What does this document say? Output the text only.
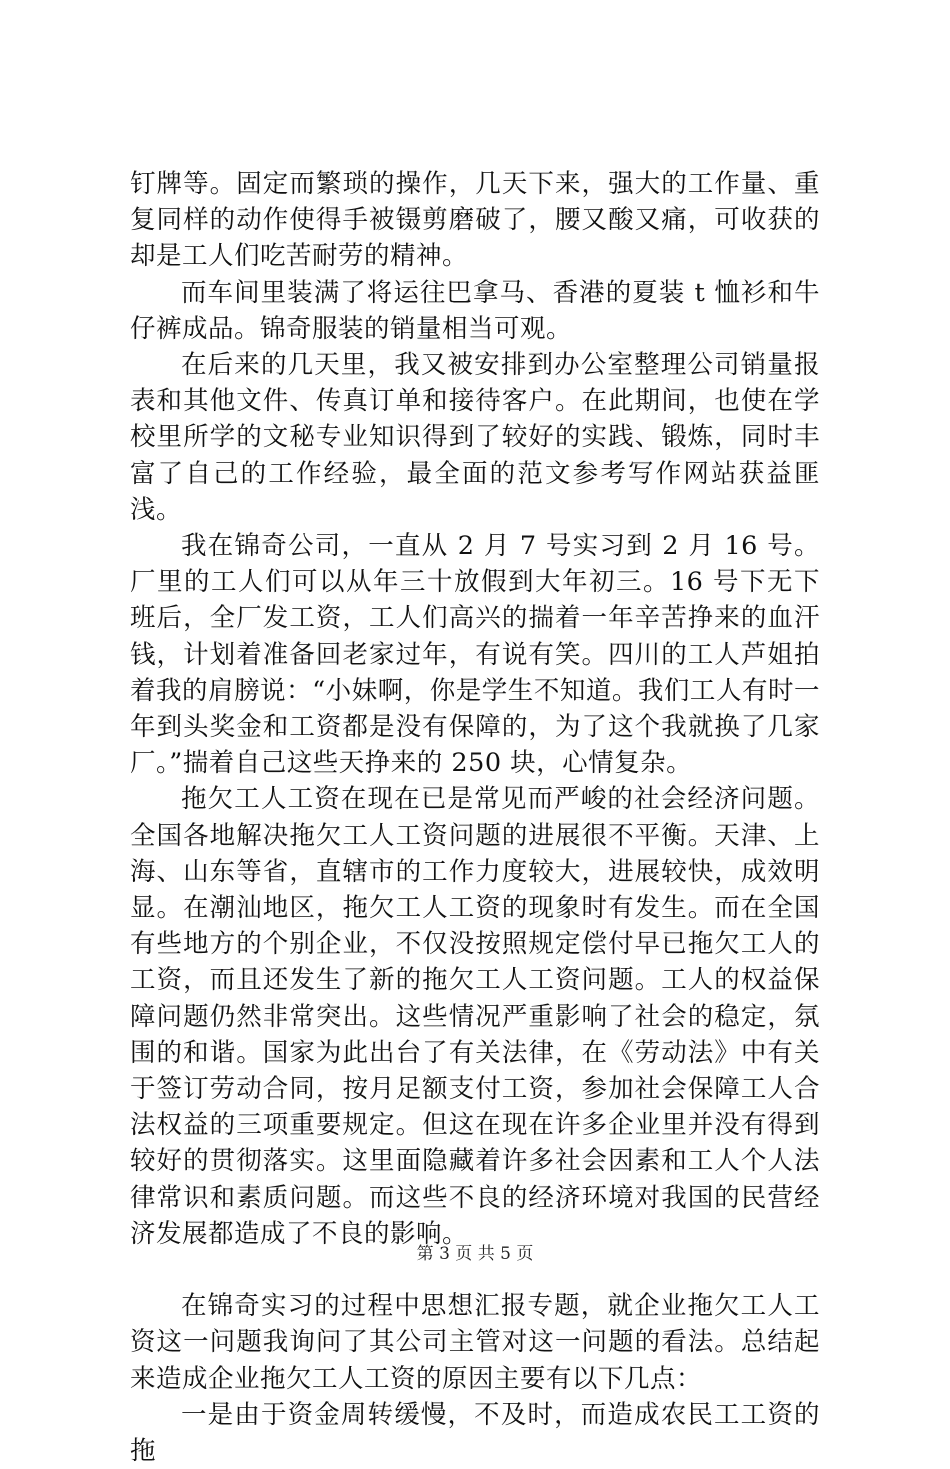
钉牌等。固定而繁琐的操作，几天下来，强大的工作量、重复同样的动作使得手被镊剪磨破了，腰又酸又痛，可收获的却是工人们吃苦耐劳的精神。

而车间里装满了将运往巴拿马、香港的夏装 t 恤衫和牛仔裤成品。锦奇服装的销量相当可观。

在后来的几天里，我又被安排到办公室整理公司销量报表和其他文件、传真订单和接待客户。在此期间，也使在学校里所学的文秘专业知识得到了较好的实践、锻炼，同时丰富了自己的工作经验，最全面的范文参考写作网站获益匪浅。

我在锦奇公司，一直从 2 月 7 号实习到 2 月 16 号。厂里的工人们可以从年三十放假到大年初三。16 号下无下班后，全厂发工资，工人们高兴的揣着一年辛苦挣来的血汗钱，计划着准备回老家过年，有说有笑。四川的工人芦姐拍着我的肩膀说：“小妹啊，你是学生不知道。我们工人有时一年到头奖金和工资都是没有保障的，为了这个我就换了几家厂。”揣着自己这些天挣来的 250 块，心情复杂。

拖欠工人工资在现在已是常见而严峻的社会经济问题。全国各地解决拖欠工人工资问题的进展很不平衡。天津、上海、山东等省，直辖市的工作力度较大，进展较快，成效明显。在潮汕地区，拖欠工人工资的现象时有发生。而在全国有些地方的个别企业，不仅没按照规定偿付早已拖欠工人的工资，而且还发生了新的拖欠工人工资问题。工人的权益保障问题仍然非常突出。这些情况严重影响了社会的稳定，氛围的和谐。国家为此出台了有关法律，在《劳动法》中有关于签订劳动合同，按月足额支付工资，参加社会保障工人合法权益的三项重要规定。但这在现在许多企业里并没有得到较好的贯彻落实。这里面隐藏着许多社会因素和工人个人法律常识和素质问题。而这些不良的经济环境对我国的民营经济发展都造成了不良的影响。

在锦奇实习的过程中思想汇报专题，就企业拖欠工人工资这一问题我询问了其公司主管对这一问题的看法。总结起来造成企业拖欠工人工资的原因主要有以下几点：

一是由于资金周转缓慢，不及时，而造成农民工工资的拖

第 3 页 共 5 页
